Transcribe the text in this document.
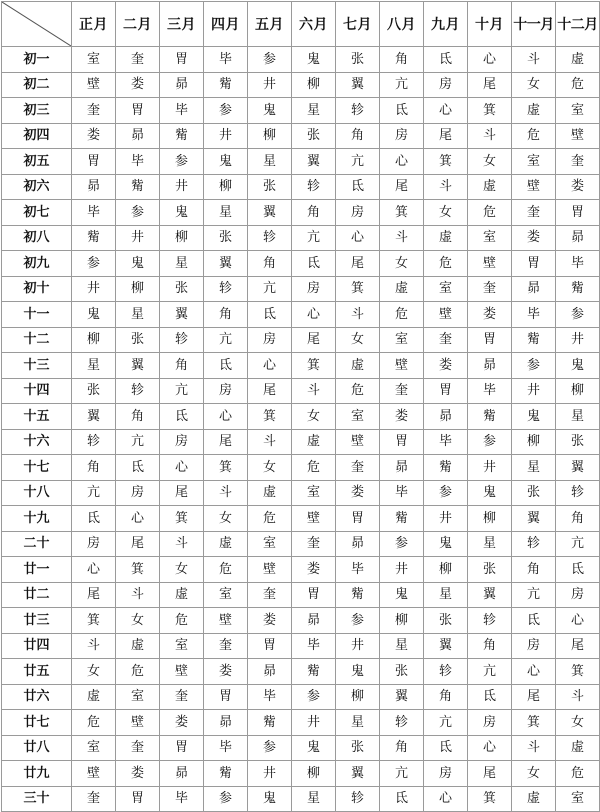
	正月	二月	三月	四月	五月	六月	七月	八月	九月	十月	十一月	十二月
初一	室	奎	胃	毕	参	鬼	张	角	氐	心	斗	虚
初二	壁	娄	昴	觜	井	柳	翼	亢	房	尾	女	危
初三	奎	胃	毕	参	鬼	星	轸	氐	心	箕	虚	室
初四	娄	昴	觜	井	柳	张	角	房	尾	斗	危	壁
初五	胃	毕	参	鬼	星	翼	亢	心	箕	女	室	奎
初六	昴	觜	井	柳	张	轸	氐	尾	斗	虚	壁	娄
初七	毕	参	鬼	星	翼	角	房	箕	女	危	奎	胃
初八	觜	井	柳	张	轸	亢	心	斗	虚	室	娄	昴
初九	参	鬼	星	翼	角	氐	尾	女	危	壁	胃	毕
初十	井	柳	张	轸	亢	房	箕	虚	室	奎	昴	觜
十一	鬼	星	翼	角	氐	心	斗	危	壁	娄	毕	参
十二	柳	张	轸	亢	房	尾	女	室	奎	胃	觜	井
十三	星	翼	角	氐	心	箕	虚	壁	娄	昴	参	鬼
十四	张	轸	亢	房	尾	斗	危	奎	胃	毕	井	柳
十五	翼	角	氐	心	箕	女	室	娄	昴	觜	鬼	星
十六	轸	亢	房	尾	斗	虚	壁	胃	毕	参	柳	张
十七	角	氐	心	箕	女	危	奎	昴	觜	井	星	翼
十八	亢	房	尾	斗	虚	室	娄	毕	参	鬼	张	轸
十九	氐	心	箕	女	危	壁	胃	觜	井	柳	翼	角
二十	房	尾	斗	虚	室	奎	昴	参	鬼	星	轸	亢
廿一	心	箕	女	危	壁	娄	毕	井	柳	张	角	氐
廿二	尾	斗	虚	室	奎	胃	觜	鬼	星	翼	亢	房
廿三	箕	女	危	壁	娄	昴	参	柳	张	轸	氐	心
廿四	斗	虚	室	奎	胃	毕	井	星	翼	角	房	尾
廿五	女	危	壁	娄	昴	觜	鬼	张	轸	亢	心	箕
廿六	虚	室	奎	胃	毕	参	柳	翼	角	氐	尾	斗
廿七	危	壁	娄	昴	觜	井	星	轸	亢	房	箕	女
廿八	室	奎	胃	毕	参	鬼	张	角	氐	心	斗	虚
廿九	壁	娄	昴	觜	井	柳	翼	亢	房	尾	女	危
三十	奎	胃	毕	参	鬼	星	轸	氐	心	箕	虚	室
